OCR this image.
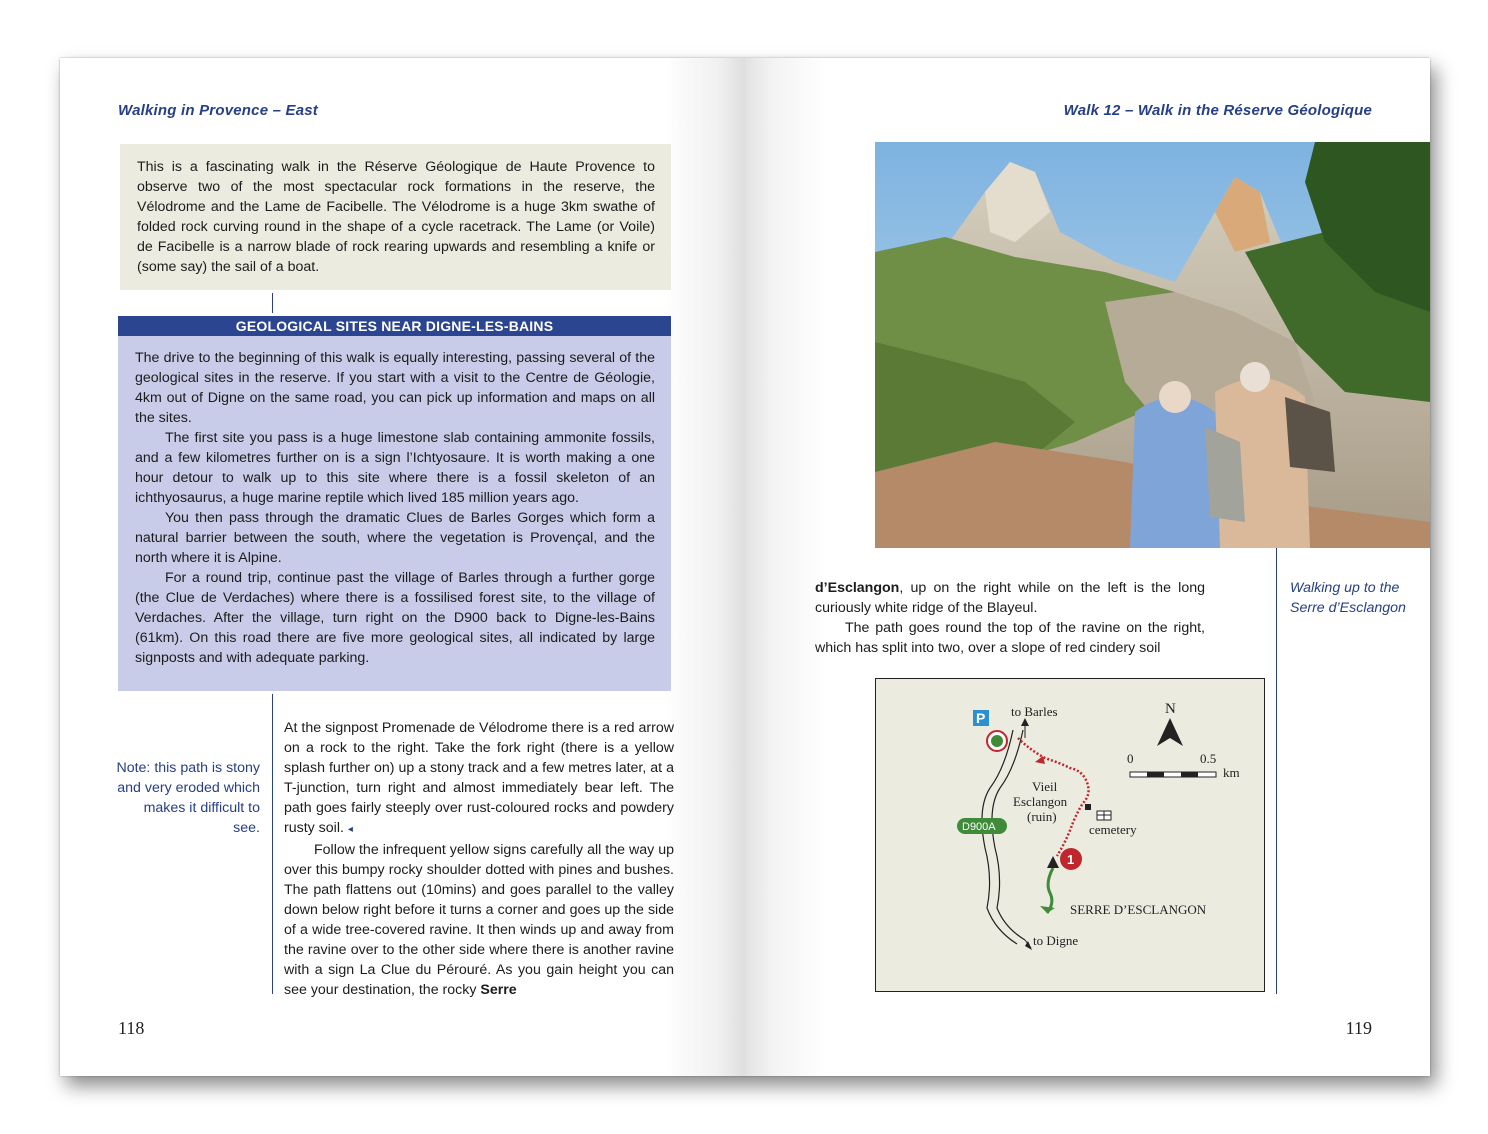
Walking in Provence – East
This is a fascinating walk in the Réserve Géologique de Haute Provence to observe two of the most spectacular rock formations in the reserve, the Vélodrome and the Lame de Facibelle. The Vélodrome is a huge 3km swathe of folded rock curving round in the shape of a cycle racetrack. The Lame (or Voile) de Facibelle is a narrow blade of rock rearing upwards and resembling a knife or (some say) the sail of a boat.
GEOLOGICAL SITES NEAR DIGNE-LES-BAINS

The drive to the beginning of this walk is equally interesting, passing several of the geological sites in the reserve. If you start with a visit to the Centre de Géologie, 4km out of Digne on the same road, you can pick up information and maps on all the sites.

The first site you pass is a huge limestone slab containing ammonite fossils, and a few kilometres further on is a sign l’Ichtyosaure. It is worth making a one hour detour to walk up to this site where there is a fossil skeleton of an ichthyosaurus, a huge marine reptile which lived 185 million years ago.

You then pass through the dramatic Clues de Barles Gorges which form a natural barrier between the south, where the vegetation is Provençal, and the north where it is Alpine.

For a round trip, continue past the village of Barles through a further gorge (the Clue de Verdaches) where there is a fossilised forest site, to the village of Verdaches. After the village, turn right on the D900 back to Digne-les-Bains (61km). On this road there are five more geological sites, all indicated by large signposts and with adequate parking.

Note: this path is stony and very eroded which makes it difficult to see.

At the signpost Promenade de Vélodrome there is a red arrow on a rock to the right. Take the fork right (there is a yellow splash further on) up a stony track and a few metres later, at a T-junction, turn right and almost immediately bear left. The path goes fairly steeply over rust-coloured rocks and powdery rusty soil. ◂

Follow the infrequent yellow signs carefully all the way up over this bumpy rocky shoulder dotted with pines and bushes. The path flattens out (10mins) and goes parallel to the valley down below right before it turns a corner and goes up the side of a wide tree-covered ravine. It then winds up and away from the ravine over to the other side where there is another ravine with a sign La Clue du Pérouré. As you gain height you can see your destination, the rocky Serre

118
Walk 12 – Walk in the Réserve Géologique
Walking up to the Serre d’Esclangon

d’Esclangon, up on the right while on the left is the long curiously white ridge of the Blayeul.

The path goes round the top of the ravine on the right, which has split into two, over a slope of red cindery soil

P to Barles	N
0	0.5
km
Vieil
Esclangon
(ruin)
cemetery
D900A
1
SERRE D’ESCLANGON
to Digne
119
